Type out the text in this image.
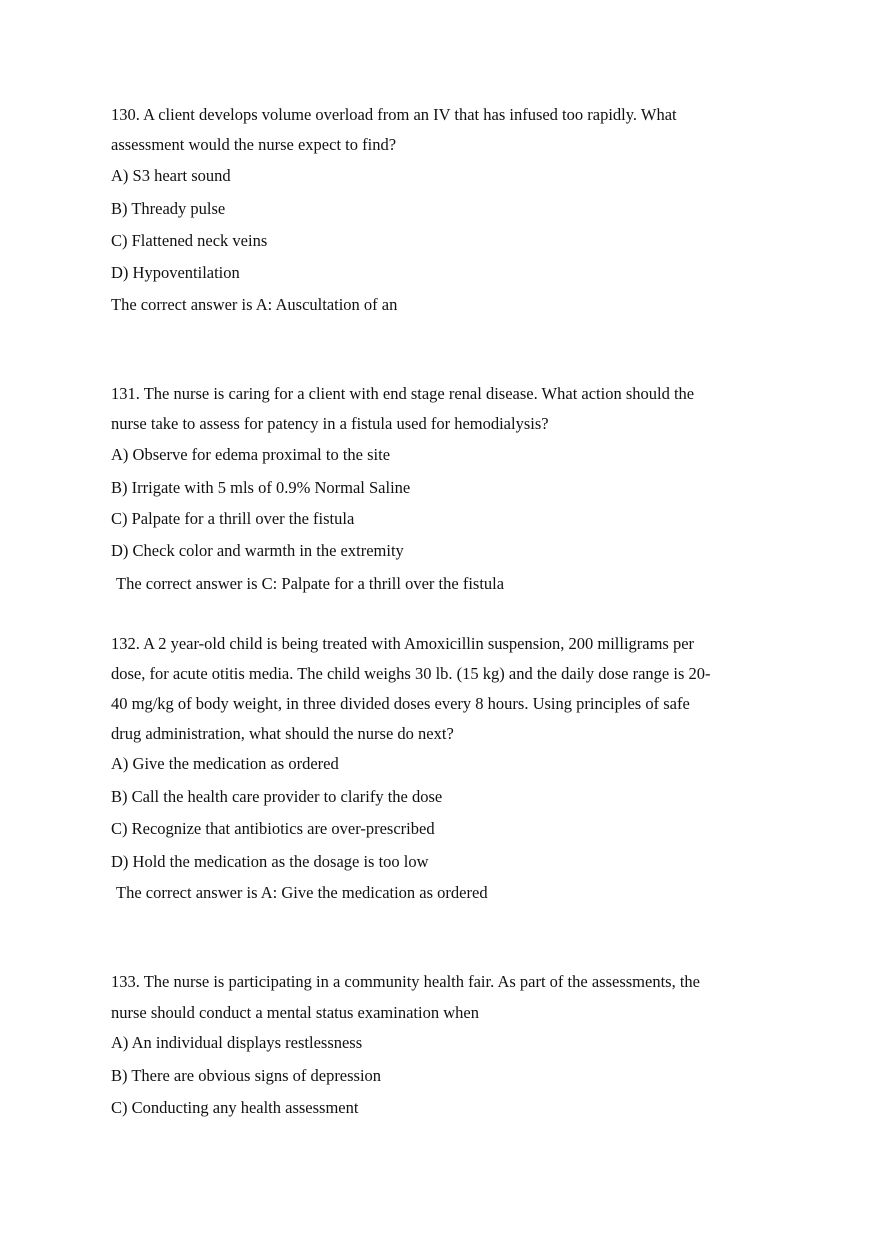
130. A client develops volume overload from an IV that has infused too rapidly. What
assessment would the nurse expect to find?
A) S3 heart sound
B) Thready pulse
C) Flattened neck veins
D) Hypoventilation
The correct answer is A: Auscultation of an
131. The nurse is caring for a client with end stage renal disease. What action should the
nurse take to assess for patency in a fistula used for hemodialysis?
A) Observe for edema proximal to the site
B) Irrigate with 5 mls of 0.9% Normal Saline
C) Palpate for a thrill over the fistula
D) Check color and warmth in the extremity
The correct answer is C: Palpate for a thrill over the fistula
132. A 2 year-old child is being treated with Amoxicillin suspension, 200 milligrams per
dose, for acute otitis media. The child weighs 30 lb. (15 kg) and the daily dose range is 20-
40 mg/kg of body weight, in three divided doses every 8 hours. Using principles of safe
drug administration, what should the nurse do next?
A) Give the medication as ordered
B) Call the health care provider to clarify the dose
C) Recognize that antibiotics are over-prescribed
D) Hold the medication as the dosage is too low
The correct answer is A: Give the medication as ordered
133. The nurse is participating in a community health fair. As part of the assessments, the
nurse should conduct a mental status examination when
A) An individual displays restlessness
B) There are obvious signs of depression
C) Conducting any health assessment
